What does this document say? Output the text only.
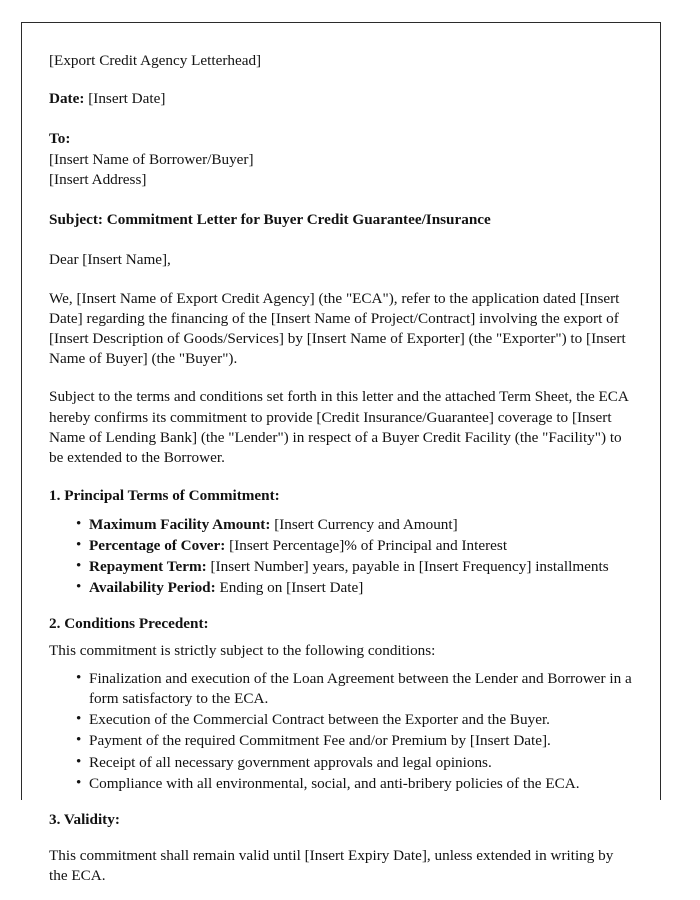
[Export Credit Agency Letterhead]

Date: [Insert Date]

To:

[Insert Name of Borrower/Buyer]

[Insert Address]

Subject: Commitment Letter for Buyer Credit Guarantee/Insurance

Dear [Insert Name],

We, [Insert Name of Export Credit Agency] (the "ECA"), refer to the application dated [Insert Date] regarding the financing of the [Insert Name of Project/Contract] involving the export of [Insert Description of Goods/Services] by [Insert Name of Exporter] (the "Exporter") to [Insert Name of Buyer] (the "Buyer").

Subject to the terms and conditions set forth in this letter and the attached Term Sheet, the ECA hereby confirms its commitment to provide [Credit Insurance/Guarantee] coverage to [Insert Name of Lending Bank] (the "Lender") in respect of a Buyer Credit Facility (the "Facility") to be extended to the Borrower.

1. Principal Terms of Commitment:
• Maximum Facility Amount: [Insert Currency and Amount]
• Percentage of Cover: [Insert Percentage]% of Principal and Interest
• Repayment Term: [Insert Number] years, payable in [Insert Frequency] installments
• Availability Period: Ending on [Insert Date]
2. Conditions Precedent:

This commitment is strictly subject to the following conditions:

• Finalization and execution of the Loan Agreement between the Lender and Borrower in a form satisfactory to the ECA.
• Execution of the Commercial Contract between the Exporter and the Buyer.
• Payment of the required Commitment Fee and/or Premium by [Insert Date].
• Receipt of all necessary government approvals and legal opinions.
• Compliance with all environmental, social, and anti-bribery policies of the ECA.
3. Validity:

This commitment shall remain valid until [Insert Expiry Date], unless extended in writing by the ECA.
